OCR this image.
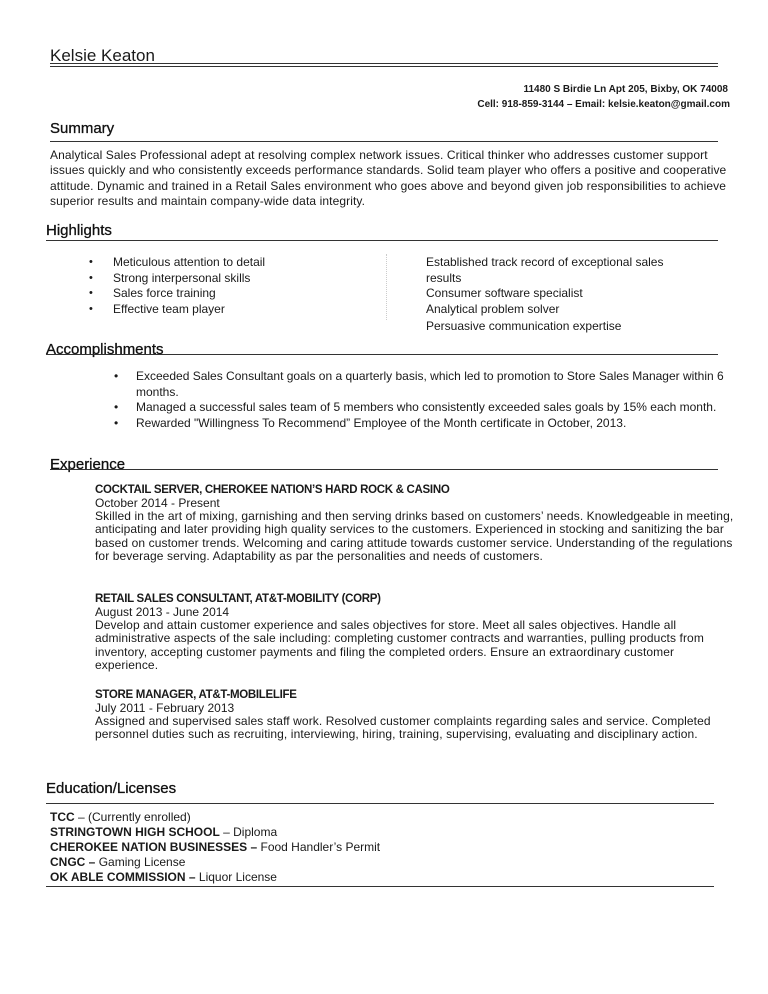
Kelsie Keaton
11480 S Birdie Ln Apt 205, Bixby, OK 74008
Cell: 918-859-3144 – Email: kelsie.keaton@gmail.com
Summary
Analytical Sales Professional adept at resolving complex network issues. Critical thinker who addresses customer support issues quickly and who consistently exceeds performance standards. Solid team player who offers a positive and cooperative attitude. Dynamic and trained in a Retail Sales environment who goes above and beyond given job responsibilities to achieve superior results and maintain company-wide data integrity.
Highlights
• Meticulous attention to detail
• Strong interpersonal skills
• Sales force training
• Effective team player
Established track record of exceptional sales results
Consumer software specialist
Analytical problem solver
Persuasive communication expertise
Accomplishments
• Exceeded Sales Consultant goals on a quarterly basis, which led to promotion to Store Sales Manager within 6 months.
• Managed a successful sales team of 5 members who consistently exceeded sales goals by 15% each month.
• Rewarded "Willingness To Recommend” Employee of the Month certificate in October, 2013.
Experience
COCKTAIL SERVER, CHEROKEE NATION’S HARD ROCK & CASINO
October 2014 - Present
Skilled in the art of mixing, garnishing and then serving drinks based on customers’ needs. Knowledgeable in meeting, anticipating and later providing high quality services to the customers. Experienced in stocking and sanitizing the bar based on customer trends. Welcoming and caring attitude towards customer service. Understanding of the regulations for beverage serving. Adaptability as par the personalities and needs of customers.
RETAIL SALES CONSULTANT, AT&T-MOBILITY (CORP)
August 2013 - June 2014
Develop and attain customer experience and sales objectives for store. Meet all sales objectives. Handle all administrative aspects of the sale including: completing customer contracts and warranties, pulling products from inventory, accepting customer payments and filing the completed orders. Ensure an extraordinary customer experience.
STORE MANAGER, AT&T-MOBILELIFE
July 2011 - February 2013
Assigned and supervised sales staff work. Resolved customer complaints regarding sales and service. Completed personnel duties such as recruiting, interviewing, hiring, training, supervising, evaluating and disciplinary action.
Education/Licenses
TCC – (Currently enrolled)
STRINGTOWN HIGH SCHOOL – Diploma
CHEROKEE NATION BUSINESSES – Food Handler’s Permit
CNGC – Gaming License
OK ABLE COMMISSION – Liquor License
